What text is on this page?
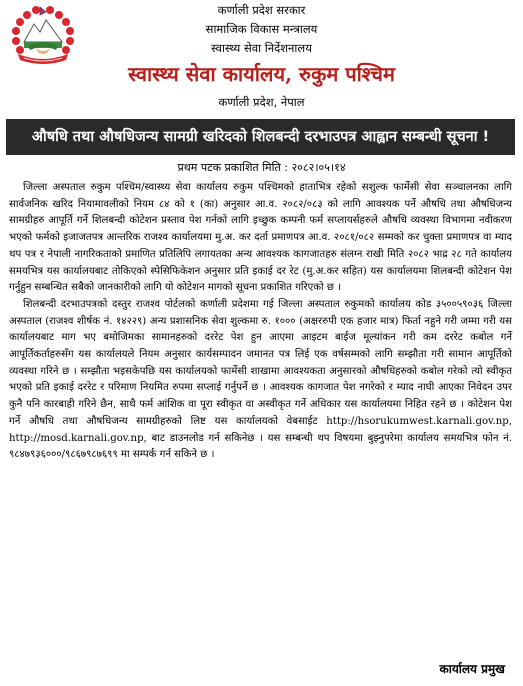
कर्णाली प्रदेश सरकार
सामाजिक विकास मन्त्रालय
स्वास्थ्य सेवा निर्देशनालय
स्वास्थ्य सेवा कार्यालय, रुकुम पश्चिम
कर्णाली प्रदेश, नेपाल
औषधि तथा औषधिजन्य सामग्री खरिदको शिलबन्दी दरभाउपत्र आह्वान सम्बन्धी सूचना !
प्रथम पटक प्रकाशित मिति : २०८२।०५।१४

जिल्ला अस्पताल रुकुम पश्चिम/स्वास्थ्य सेवा कार्यालय रुकुम पश्चिमको हाताभित्र रहेको सशुल्क फार्मेसी सेवा सञ्चालनका लागि सार्वजनिक खरिद नियामावलीको नियम ८४ को १ (का) अनुसार आ.व. २०८२/०८३ को लागि आवश्यक पर्ने औषधि तथा औषधिजन्य सामग्रीहरु आपूर्ति गर्ने शिलबन्दी कोटेशन प्रस्ताव पेश गर्नको लागि इच्छुक कम्पनी फर्म सप्लायर्सहरुले औषधि व्यवस्था विभागमा नवीकरण भएको फर्मको इजाजतपत्र आन्तरिक राजश्व कार्यालयमा मु.अ. कर दर्ता प्रमाणपत्र आ.व. २०८१/०८२ सम्मको कर चुक्ता प्रमाणपत्र वा म्याद थप पत्र र नेपाली नागरिकताको प्रमाणित प्रतिलिपि लगायतका अन्य आवश्यक कागजातहरु संलग्न राखी मिति २०८२ भाद्र २८ गते कार्यालय समयभित्र यस कार्यालयबाट तोकिएको स्पेसिफिकेशन अनुसार प्रति इकाई दर रेट (मु.अ.कर सहित) यस कार्यालयमा शिलबन्दी कोटेशन पेश गर्नुहुन सम्बन्धित सबैको जानकारीको लागि यो कोटेशन मागको सूचना प्रकाशित गरिएको छ ।

शिलबन्दी दरभाउपत्रको दस्तुर राजश्व पोर्टलको कर्णाली प्रदेशमा गई जिल्ला अस्पताल रुकुमको कार्यालय कोड ३५००५९०३६ जिल्ला अस्पताल (राजश्व शीर्षक नं. १४२२९) अन्य प्रशासनिक सेवा शुल्कमा रु. १००० (अक्षररुपी एक हजार मात्र) फिर्ता नहुने गरी जम्मा गरी यस कार्यालयबाट माग भए बमोजिमका सामानहरुको दररेट पेश हुन आएमा आइटम बाईज मूल्यांकन गरी कम दररेट कबोल गर्ने आपूर्तिकर्ताहरुसँग यस कार्यालयले नियम अनुसार कार्यसम्पादन जमानत पत्र लिई एक वर्षसम्मको लागि सम्झौता गरी सामान आपूर्तिको व्यवस्था गरिने छ । सम्झौता भइसकेपछि यस कार्यालयको फार्मेसी शाखामा आवश्यकता अनुसारको औषधिहरुको कबोल गरेको त्यो स्वीकृत भएको प्रति इकाई दररेट र परिमाण नियमित रुपमा सप्लाई गर्नुपर्ने छ । आवश्यक कागजात पेश नगरेको र म्याद नाघी आएका निवेदन उपर कुनै पनि कारबाही गरिने छैन, साथै फर्म आंशिक वा पूरा स्वीकृत वा अस्वीकृत गर्ने अधिकार यस कार्यालयमा निहित रहने छ । कोटेशन पेश गर्ने औषधि तथा औषधिजन्य सामग्रीहरुको लिष्ट यस कार्यालयको वेबसाईट http://hsorukumwest.karnali.gov.np, http://mosd.karnali.gov.np, बाट डाउनलोड गर्न सकिनेछ । यस सम्बन्धी थप विषयमा बुझ्नुपरेमा कार्यालय समयभित्र फोन नं. ९८४७९३६०००/९८६७९८७६९९ मा सम्पर्क गर्न सकिने छ ।

कार्यालय प्रमुख
